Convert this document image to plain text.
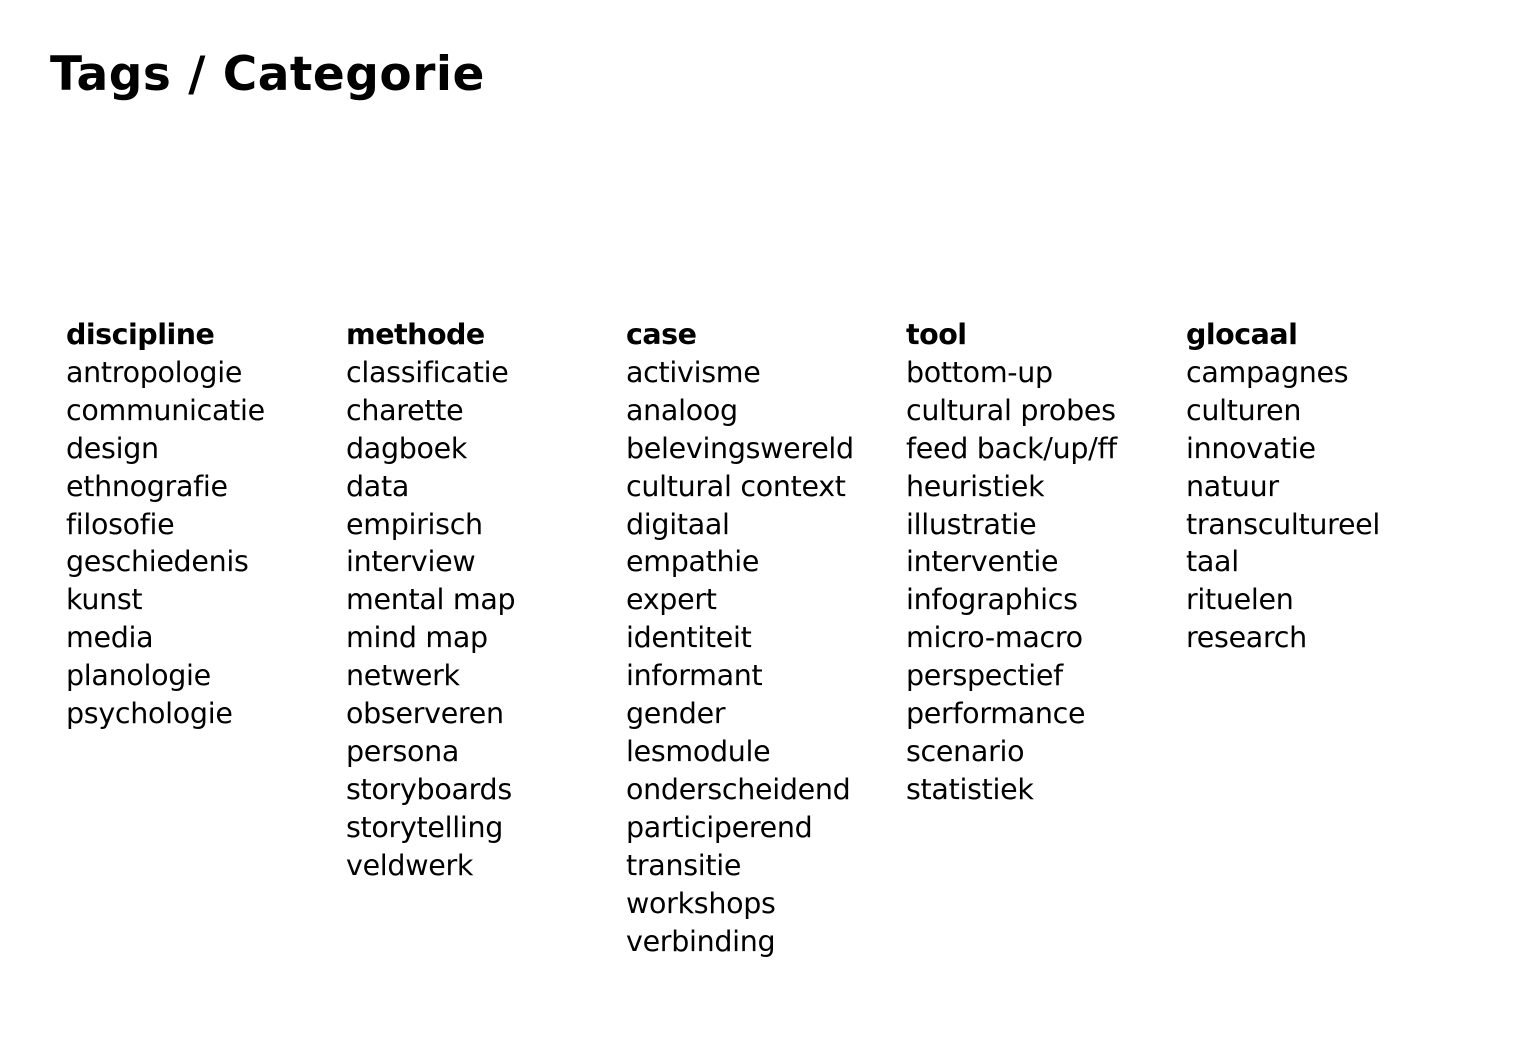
Tags / Categorie
discipline
antropologie
communicatie
design
ethnografie
filosofie
geschiedenis
kunst
media
planologie
psychologie
methode
classificatie
charette
dagboek
data
empirisch
interview
mental map
mind map
netwerk
observeren
persona
storyboards
storytelling
veldwerk
case
activisme
analoog
belevingswereld
cultural context
digitaal
empathie
expert
identiteit
informant
gender
lesmodule
onderscheidend
participerend
transitie
workshops
verbinding
tool
bottom-up
cultural probes
feed back/up/ff
heuristiek
illustratie
interventie
infographics
micro-macro
perspectief
performance
scenario
statistiek
glocaal
campagnes
culturen
innovatie
natuur
transcultureel
taal
rituelen
research
